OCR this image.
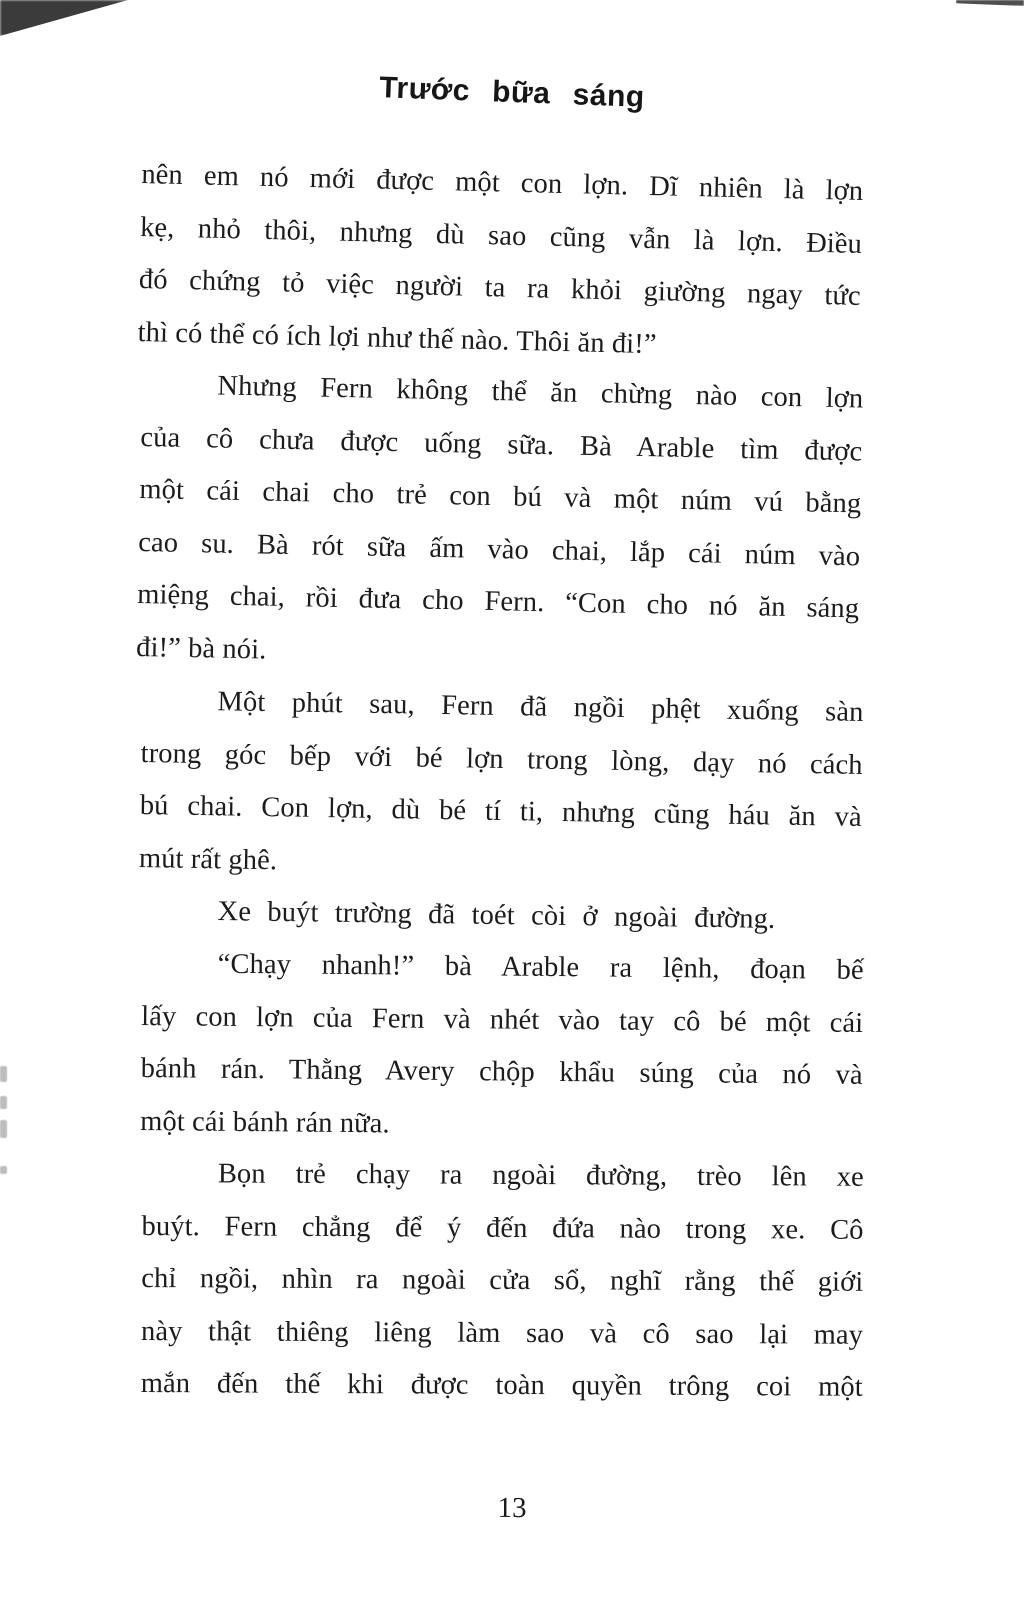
Trước bữa sáng
nên em nó mới được một con lợn. Dĩ nhiên là lợn
kẹ, nhỏ thôi, nhưng dù sao cũng vẫn là lợn. Điều
đó chứng tỏ việc người ta ra khỏi giường ngay tức
thì có thể có ích lợi như thế nào. Thôi ăn đi!”
Nhưng Fern không thể ăn chừng nào con lợn
của cô chưa được uống sữa. Bà Arable tìm được
một cái chai cho trẻ con bú và một núm vú bằng
cao su. Bà rót sữa ấm vào chai, lắp cái núm vào
miệng chai, rồi đưa cho Fern. “Con cho nó ăn sáng
đi!” bà nói.
Một phút sau, Fern đã ngồi phệt xuống sàn
trong góc bếp với bé lợn trong lòng, dạy nó cách
bú chai. Con lợn, dù bé tí ti, nhưng cũng háu ăn và
mút rất ghê.
Xe buýt trường đã toét còi ở ngoài đường.
“Chạy nhanh!” bà Arable ra lệnh, đoạn bế
lấy con lợn của Fern và nhét vào tay cô bé một cái
bánh rán. Thằng Avery chộp khẩu súng của nó và
một cái bánh rán nữa.
Bọn trẻ chạy ra ngoài đường, trèo lên xe
buýt. Fern chẳng để ý đến đứa nào trong xe. Cô
chỉ ngồi, nhìn ra ngoài cửa sổ, nghĩ rằng thế giới
này thật thiêng liêng làm sao và cô sao lại may
mắn đến thế khi được toàn quyền trông coi một
13
